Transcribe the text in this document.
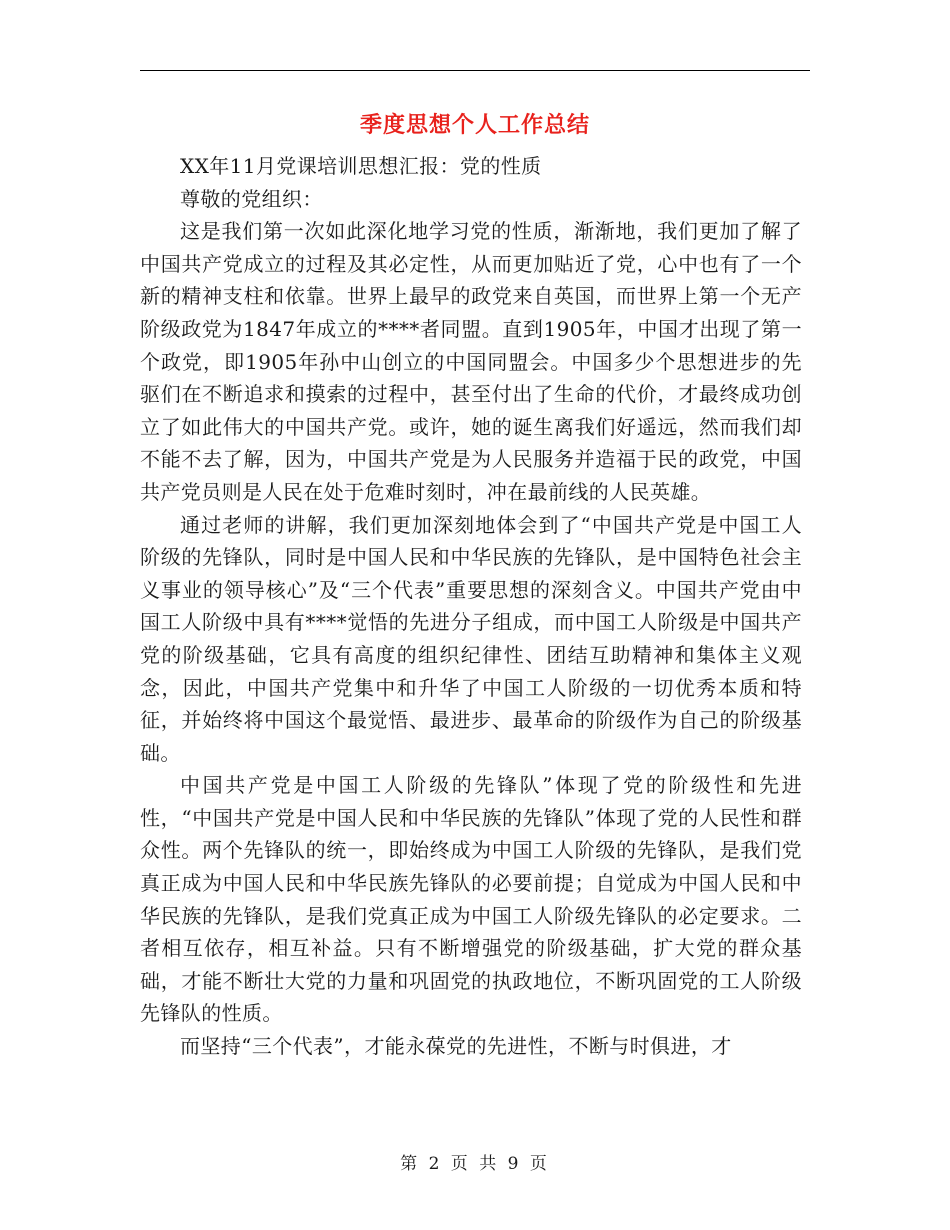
季度思想个人工作总结

XX年11月党课培训思想汇报：党的性质

尊敬的党组织：

这是我们第一次如此深化地学习党的性质，渐渐地，我们更加了解了中国共产党成立的过程及其必定性，从而更加贴近了党，心中也有了一个新的精神支柱和依靠。世界上最早的政党来自英国，而世界上第一个无产阶级政党为1847年成立的****者同盟。直到1905年，中国才出现了第一个政党，即1905年孙中山创立的中国同盟会。中国多少个思想进步的先驱们在不断追求和摸索的过程中，甚至付出了生命的代价，才最终成功创立了如此伟大的中国共产党。或许，她的诞生离我们好遥远，然而我们却不能不去了解，因为，中国共产党是为人民服务并造福于民的政党，中国共产党员则是人民在处于危难时刻时，冲在最前线的人民英雄。

通过老师的讲解，我们更加深刻地体会到了“中国共产党是中国工人阶级的先锋队，同时是中国人民和中华民族的先锋队，是中国特色社会主义事业的领导核心”及“三个代表”重要思想的深刻含义。中国共产党由中国工人阶级中具有****觉悟的先进分子组成，而中国工人阶级是中国共产党的阶级基础，它具有高度的组织纪律性、团结互助精神和集体主义观念，因此，中国共产党集中和升华了中国工人阶级的一切优秀本质和特征，并始终将中国这个最觉悟、最进步、最革命的阶级作为自己的阶级基础。

中国共产党是中国工人阶级的先锋队”体现了党的阶级性和先进性，“中国共产党是中国人民和中华民族的先锋队”体现了党的人民性和群众性。两个先锋队的统一，即始终成为中国工人阶级的先锋队，是我们党真正成为中国人民和中华民族先锋队的必要前提；自觉成为中国人民和中华民族的先锋队，是我们党真正成为中国工人阶级先锋队的必定要求。二者相互依存，相互补益。只有不断增强党的阶级基础，扩大党的群众基础，才能不断壮大党的力量和巩固党的执政地位，不断巩固党的工人阶级先锋队的性质。

而坚持“三个代表”，才能永葆党的先进性，不断与时俱进，才

第 2 页 共 9 页
